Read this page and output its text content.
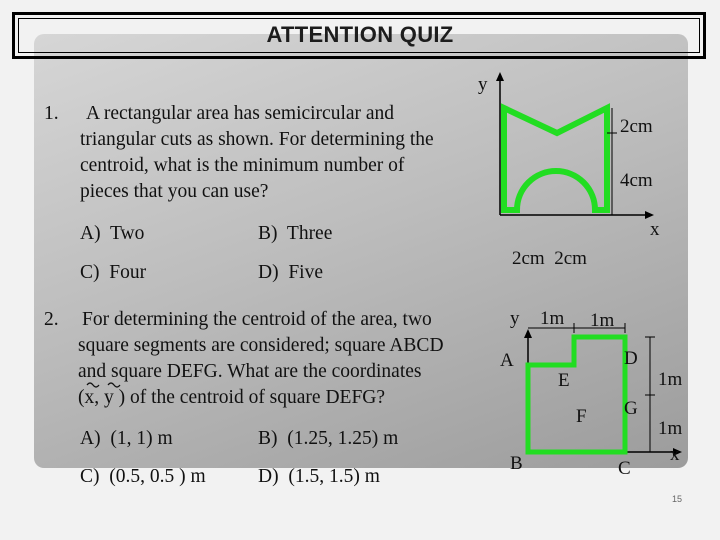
ATTENTION QUIZ
1. A rectangular area has semicircular and
triangular cuts as shown. For determining the
centroid, what is the minimum number of
pieces that you can use?
A) Two	B) Three
C) Four	D) Five
2. For determining the centroid of the area, two
square segments are considered; square ABCD
and square DEFG. What are the coordinates
(x, y ) of the centroid of square DEFG?
A) (1, 1) m	B) (1.25, 1.25) m
C) (0.5, 0.5 ) m	D) (1.5, 1.5) m
y
x
2cm
4cm
2cm  2cm
y
x
1m 1m
1m
1m
A
B	C
D
E
F G
15
